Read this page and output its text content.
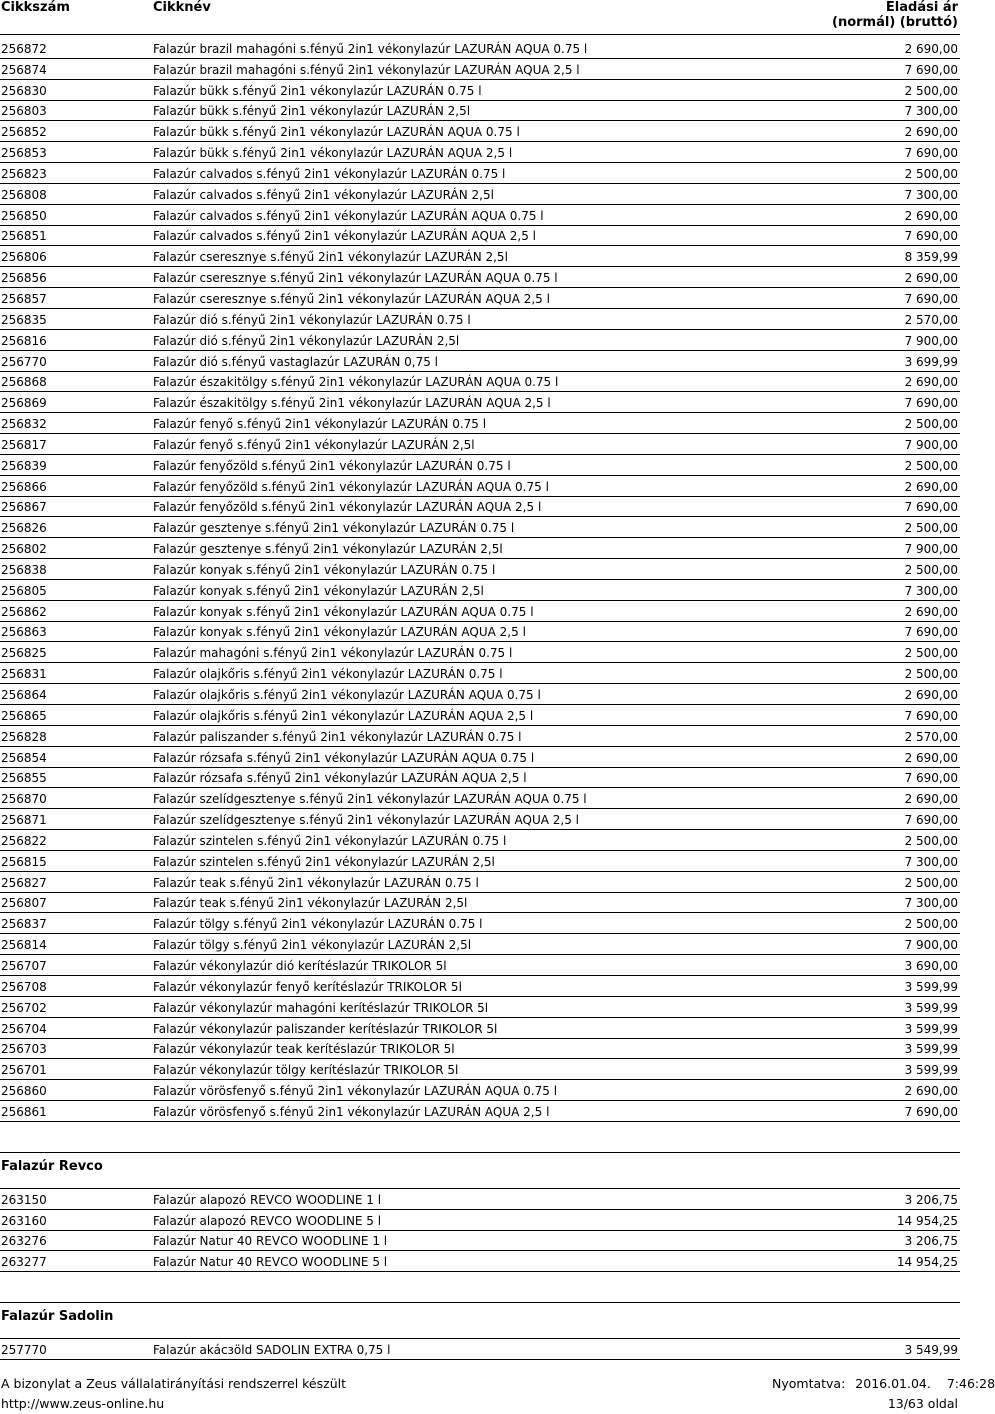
Cikkszám	Cikknév	Eladási ár
(normál) (bruttó)
256872	Falazúr brazil mahagóni s.fényű 2in1 vékonylazúr LAZURÁN AQUA 0.75 l	2 690,00
256874	Falazúr brazil mahagóni s.fényű 2in1 vékonylazúr LAZURÁN AQUA 2,5 l	7 690,00
256830	Falazúr bükk s.fényű 2in1 vékonylazúr LAZURÁN 0.75 l	2 500,00
256803	Falazúr bükk s.fényű 2in1 vékonylazúr LAZURÁN 2,5l	7 300,00
256852	Falazúr bükk s.fényű 2in1 vékonylazúr LAZURÁN AQUA 0.75 l	2 690,00
256853	Falazúr bükk s.fényű 2in1 vékonylazúr LAZURÁN AQUA 2,5 l	7 690,00
256823	Falazúr calvados s.fényű 2in1 vékonylazúr LAZURÁN 0.75 l	2 500,00
256808	Falazúr calvados s.fényű 2in1 vékonylazúr LAZURÁN 2,5l	7 300,00
256850	Falazúr calvados s.fényű 2in1 vékonylazúr LAZURÁN AQUA 0.75 l	2 690,00
256851	Falazúr calvados s.fényű 2in1 vékonylazúr LAZURÁN AQUA 2,5 l	7 690,00
256806	Falazúr cseresznye s.fényű 2in1 vékonylazúr LAZURÁN 2,5l	8 359,99
256856	Falazúr cseresznye s.fényű 2in1 vékonylazúr LAZURÁN AQUA 0.75 l	2 690,00
256857	Falazúr cseresznye s.fényű 2in1 vékonylazúr LAZURÁN AQUA 2,5 l	7 690,00
256835	Falazúr dió s.fényű 2in1 vékonylazúr LAZURÁN 0.75 l	2 570,00
256816	Falazúr dió s.fényű 2in1 vékonylazúr LAZURÁN 2,5l	7 900,00
256770	Falazúr dió s.fényű vastaglazúr LAZURÁN 0,75 l	3 699,99
256868	Falazúr északitölgy s.fényű 2in1 vékonylazúr LAZURÁN AQUA 0.75 l	2 690,00
256869	Falazúr északitölgy s.fényű 2in1 vékonylazúr LAZURÁN AQUA 2,5 l	7 690,00
256832	Falazúr fenyő s.fényű 2in1 vékonylazúr LAZURÁN 0.75 l	2 500,00
256817	Falazúr fenyő s.fényű 2in1 vékonylazúr LAZURÁN 2,5l	7 900,00
256839	Falazúr fenyőzöld s.fényű 2in1 vékonylazúr LAZURÁN 0.75 l	2 500,00
256866	Falazúr fenyőzöld s.fényű 2in1 vékonylazúr LAZURÁN AQUA 0.75 l	2 690,00
256867	Falazúr fenyőzöld s.fényű 2in1 vékonylazúr LAZURÁN AQUA 2,5 l	7 690,00
256826	Falazúr gesztenye s.fényű 2in1 vékonylazúr LAZURÁN 0.75 l	2 500,00
256802	Falazúr gesztenye s.fényű 2in1 vékonylazúr LAZURÁN 2,5l	7 900,00
256838	Falazúr konyak s.fényű 2in1 vékonylazúr LAZURÁN 0.75 l	2 500,00
256805	Falazúr konyak s.fényű 2in1 vékonylazúr LAZURÁN 2,5l	7 300,00
256862	Falazúr konyak s.fényű 2in1 vékonylazúr LAZURÁN AQUA 0.75 l	2 690,00
256863	Falazúr konyak s.fényű 2in1 vékonylazúr LAZURÁN AQUA 2,5 l	7 690,00
256825	Falazúr mahagóni s.fényű 2in1 vékonylazúr LAZURÁN 0.75 l	2 500,00
256831	Falazúr olajkőris s.fényű 2in1 vékonylazúr LAZURÁN 0.75 l	2 500,00
256864	Falazúr olajkőris s.fényű 2in1 vékonylazúr LAZURÁN AQUA 0.75 l	2 690,00
256865	Falazúr olajkőris s.fényű 2in1 vékonylazúr LAZURÁN AQUA 2,5 l	7 690,00
256828	Falazúr paliszander s.fényű 2in1 vékonylazúr LAZURÁN 0.75 l	2 570,00
256854	Falazúr rózsafa s.fényű 2in1 vékonylazúr LAZURÁN AQUA 0.75 l	2 690,00
256855	Falazúr rózsafa s.fényű 2in1 vékonylazúr LAZURÁN AQUA 2,5 l	7 690,00
256870	Falazúr szelídgesztenye s.fényű 2in1 vékonylazúr LAZURÁN AQUA 0.75 l	2 690,00
256871	Falazúr szelídgesztenye s.fényű 2in1 vékonylazúr LAZURÁN AQUA 2,5 l	7 690,00
256822	Falazúr szintelen s.fényű 2in1 vékonylazúr LAZURÁN 0.75 l	2 500,00
256815	Falazúr szintelen s.fényű 2in1 vékonylazúr LAZURÁN 2,5l	7 300,00
256827	Falazúr teak s.fényű 2in1 vékonylazúr LAZURÁN 0.75 l	2 500,00
256807	Falazúr teak s.fényű 2in1 vékonylazúr LAZURÁN 2,5l	7 300,00
256837	Falazúr tölgy s.fényű 2in1 vékonylazúr LAZURÁN 0.75 l	2 500,00
256814	Falazúr tölgy s.fényű 2in1 vékonylazúr LAZURÁN 2,5l	7 900,00
256707	Falazúr vékonylazúr dió kerítéslazúr TRIKOLOR 5l	3 690,00
256708	Falazúr vékonylazúr fenyő kerítéslazúr TRIKOLOR 5l	3 599,99
256702	Falazúr vékonylazúr mahagóni kerítéslazúr TRIKOLOR 5l	3 599,99
256704	Falazúr vékonylazúr paliszander kerítéslazúr TRIKOLOR 5l	3 599,99
256703	Falazúr vékonylazúr teak kerítéslazúr TRIKOLOR 5l	3 599,99
256701	Falazúr vékonylazúr tölgy kerítéslazúr TRIKOLOR 5l	3 599,99
256860	Falazúr vörösfenyő s.fényű 2in1 vékonylazúr LAZURÁN AQUA 0.75 l	2 690,00
256861	Falazúr vörösfenyő s.fényű 2in1 vékonylazúr LAZURÁN AQUA 2,5 l	7 690,00
Falazúr Revco
263150	Falazúr alapozó REVCO WOODLINE 1 l	3 206,75
263160	Falazúr alapozó REVCO WOODLINE 5 l	14 954,25
263276	Falazúr Natur 40 REVCO WOODLINE 1 l	3 206,75
263277	Falazúr Natur 40 REVCO WOODLINE 5 l	14 954,25
Falazúr Sadolin
257770	Falazúr akácзöld SADOLIN EXTRA 0,75 l	3 549,99
A bizonylat a Zeus vállalatirányítási rendszerrel készült	Nyomtatva: 2016.01.04. 7:46:28
http://www.zeus-online.hu	13/63 oldal
